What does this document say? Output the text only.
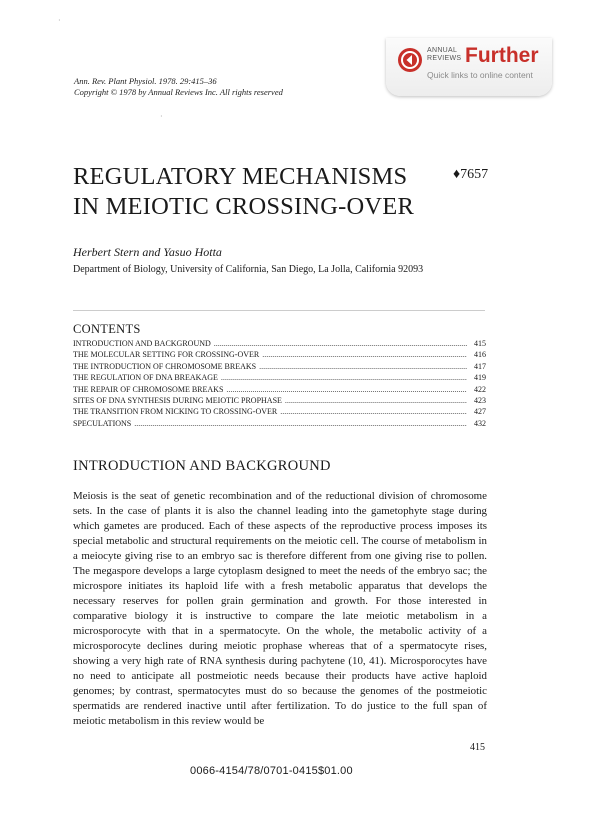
ANNUAL
REVIEWS Further
Quick links to online content
Ann. Rev. Plant Physiol. 1978. 29:415–36
Copyright © 1978 by Annual Reviews Inc. All rights reserved
·
·
REGULATORY MECHANISMS
IN MEIOTIC CROSSING-OVER
♦7657
Herbert Stern and Yasuo Hotta
Department of Biology, University of California, San Diego, La Jolla, California 92093
CONTENTS
INTRODUCTION AND BACKGROUND .....	415
THE MOLECULAR SETTING FOR CROSSING-OVER .....	416
THE INTRODUCTION OF CHROMOSOME BREAKS .....	417
THE REGULATION OF DNA BREAKAGE .....	419
THE REPAIR OF CHROMOSOME BREAKS .....	422
SITES OF DNA SYNTHESIS DURING MEIOTIC PROPHASE .....	423
THE TRANSITION FROM NICKING TO CROSSING-OVER .....	427
SPECULATIONS .....	432
INTRODUCTION AND BACKGROUND
Meiosis is the seat of genetic recombination and of the reductional division of chromosome sets. In the case of plants it is also the channel leading into the gametophyte stage during which gametes are produced. Each of these aspects of the reproductive process imposes its special metabolic and structural requirements on the meiotic cell. The course of metabolism in a meiocyte giving rise to an embryo sac is therefore different from one giving rise to pollen. The megaspore develops a large cytoplasm designed to meet the needs of the embryo sac; the microspore initiates its haploid life with a fresh metabolic apparatus that develops the necessary reserves for pollen grain germination and growth. For those interested in comparative biology it is instructive to compare the late meiotic metabolism in a microsporocyte with that in a spermatocyte. On the whole, the metabolic activity of a microsporocyte declines during meiotic prophase whereas that of a spermatocyte rises, showing a very high rate of RNA synthesis during pachytene (10, 41). Microsporocytes have no need to anticipate all postmeiotic needs because their products have active haploid genomes; by contrast, spermatocytes must do so because the genomes of the postmeiotic spermatids are rendered inactive until after fertilization. To do justice to the full span of meiotic metabolism in this review would be
415
0066-4154/78/0701-0415$01.00
